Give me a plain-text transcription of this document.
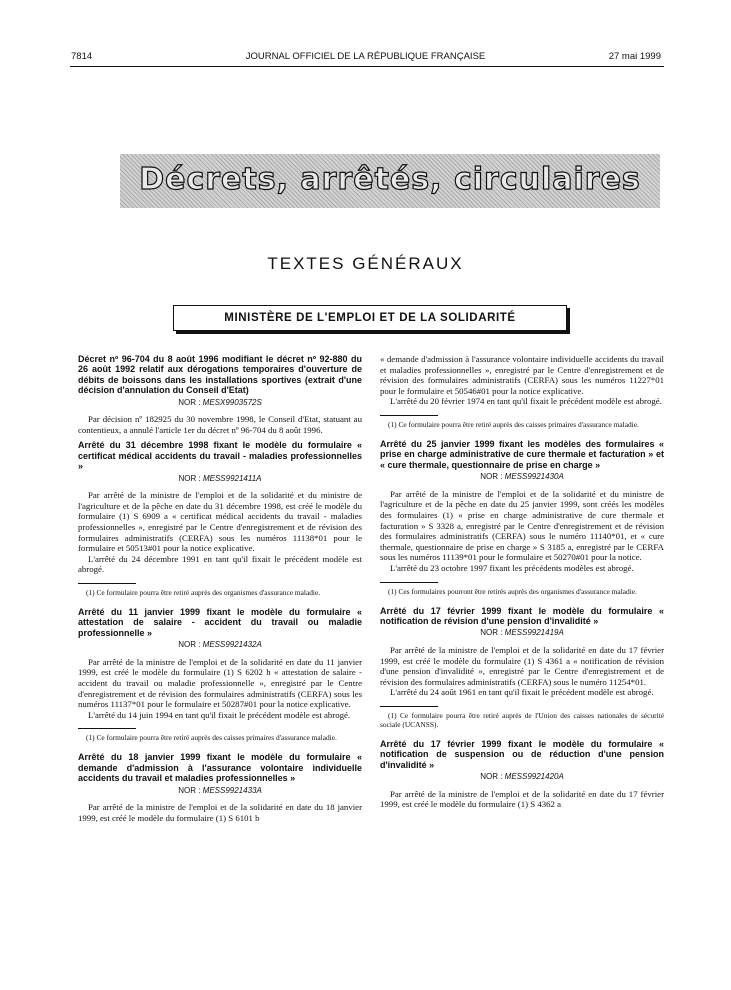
7814	JOURNAL OFFICIEL DE LA RÉPUBLIQUE FRANÇAISE	27 mai 1999
Décrets, arrêtés, circulaires
TEXTES GÉNÉRAUX
MINISTÈRE DE L'EMPLOI ET DE LA SOLIDARITÉ
Décret nº 96-704 du 8 août 1996 modifiant le décret nº 92-880 du 26 août 1992 relatif aux dérogations temporaires d'ouverture de débits de boissons dans les installations sportives (extrait d'une décision d'annulation du Conseil d'Etat)
NOR : MESX9903572S

Par décision nº 182925 du 30 novembre 1998, le Conseil d'Etat, statuant au contentieux, a annulé l'article 1er du décret nº 96-704 du 8 août 1996.

Arrêté du 31 décembre 1998 fixant le modèle du formulaire « certificat médical accidents du travail - maladies professionnelles »
NOR : MESS9921411A

Par arrêté de la ministre de l'emploi et de la solidarité et du ministre de l'agriculture et de la pêche en date du 31 décembre 1998, est créé le modèle du formulaire (1) S 6909 a « certificat médical accidents du travail - maladies professionnelles », enregistré par le Centre d'enregistrement et de révision des formulaires administratifs (CERFA) sous les numéros 11138*01 pour le formulaire et 50513#01 pour la notice explicative.

L'arrêté du 24 décembre 1991 en tant qu'il fixait le précédent modèle est abrogé.

(1) Ce formulaire pourra être retiré auprès des organismes d'assurance maladie.
Arrêté du 11 janvier 1999 fixant le modèle du formulaire « attestation de salaire - accident du travail ou maladie professionnelle »
NOR : MESS9921432A

Par arrêté de la ministre de l'emploi et de la solidarité en date du 11 janvier 1999, est créé le modèle du formulaire (1) S 6202 h « attestation de salaire - accident du travail ou maladie professionnelle », enregistré par le Centre d'enregistrement et de révision des formulaires administratifs (CERFA) sous les numéros 11137*01 pour le formulaire et 50287#01 pour la notice explicative.

L'arrêté du 14 juin 1994 en tant qu'il fixait le précédent modèle est abrogé.

(1) Ce formulaire pourra être retiré auprès des caisses primaires d'assurance maladie.
Arrêté du 18 janvier 1999 fixant le modèle du formulaire « demande d'admission à l'assurance volontaire individuelle accidents du travail et maladies professionnelles »
NOR : MESS9921433A

Par arrêté de la ministre de l'emploi et de la solidarité en date du 18 janvier 1999, est créé le modèle du formulaire (1) S 6101 b

« demande d'admission à l'assurance volontaire individuelle accidents du travail et maladies professionnelles », enregistré par le Centre d'enregistrement et de révision des formulaires administratifs (CERFA) sous les numéros 11227*01 pour le formulaire et 50546#01 pour la notice explicative.

L'arrêté du 20 février 1974 en tant qu'il fixait le précédent modèle est abrogé.

(1) Ce formulaire pourra être retiré auprès des caisses primaires d'assurance maladie.
Arrêté du 25 janvier 1999 fixant les modèles des formulaires « prise en charge administrative de cure thermale et facturation » et « cure thermale, questionnaire de prise en charge »
NOR : MESS9921430A

Par arrêté de la ministre de l'emploi et de la solidarité et du ministre de l'agriculture et de la pêche en date du 25 janvier 1999, sont créés les modèles des formulaires (1) « prise en charge administrative de cure thermale et facturation » S 3328 a, enregistré par le Centre d'enregistrement et de révision des formulaires administratifs (CERFA) sous le numéro 11140*01, et « cure thermale, questionnaire de prise en charge » S 3185 a, enregistré par le CERFA sous les numéros 11139*01 pour le formulaire et 50270#01 pour la notice.

L'arrêté du 23 octobre 1997 fixant les précédents modèles est abrogé.

(1) Ces formulaires pourront être retirés auprès des organismes d'assurance maladie.
Arrêté du 17 février 1999 fixant le modèle du formulaire « notification de révision d'une pension d'invalidité »
NOR : MESS9921419A

Par arrêté de la ministre de l'emploi et de la solidarité en date du 17 février 1999, est créé le modèle du formulaire (1) S 4361 a « notification de révision d'une pension d'invalidité », enregistré par le Centre d'enregistrement et de révision des formulaires administratifs (CERFA) sous le numéro 11254*01.

L'arrêté du 24 août 1961 en tant qu'il fixait le précédent modèle est abrogé.

(1) Ce formulaire pourra être retiré auprès de l'Union des caisses nationales de sécurité sociale (UCANSS).
Arrêté du 17 février 1999 fixant le modèle du formulaire « notification de suspension ou de réduction d'une pension d'invalidité »
NOR : MESS9921420A

Par arrêté de la ministre de l'emploi et de la solidarité en date du 17 février 1999, est créé le modèle du formulaire (1) S 4362 a
